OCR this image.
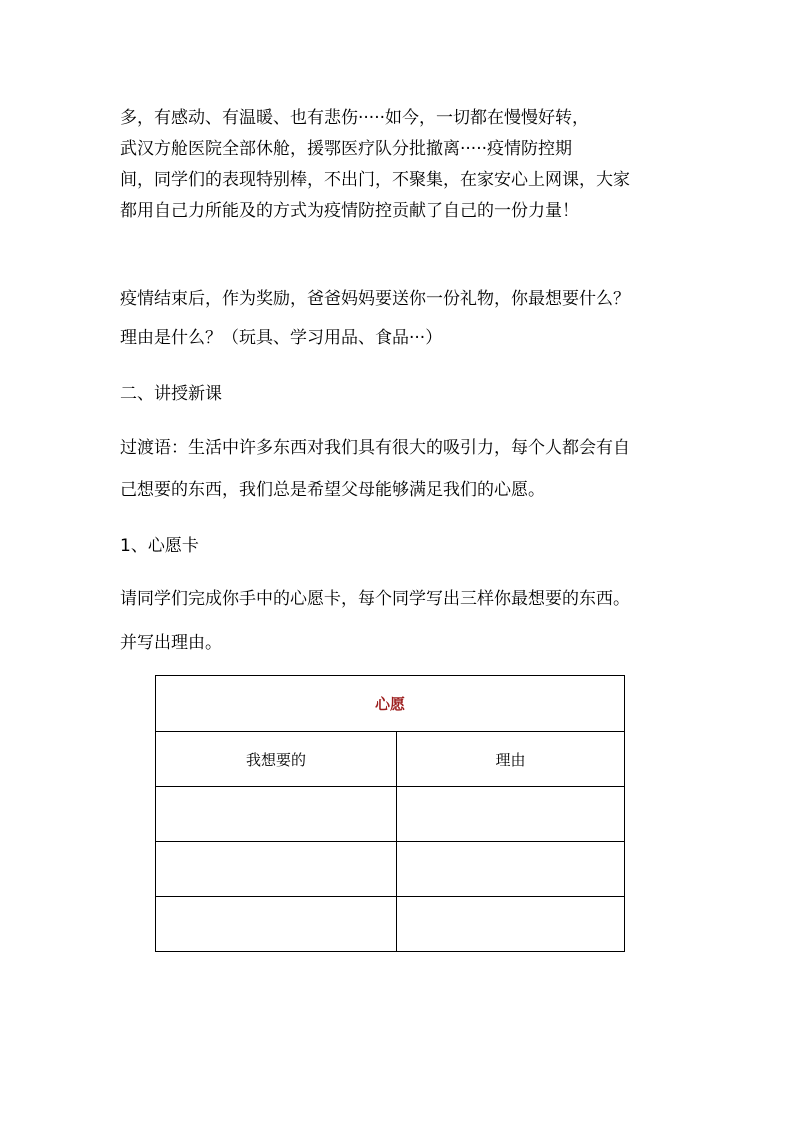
多，有感动、有温暖、也有悲伤·····如今，一切都在慢慢好转，
武汉方舱医院全部休舱，援鄂医疗队分批撤离·····疫情防控期
间，同学们的表现特别棒，不出门，不聚集，在家安心上网课，大家
都用自己力所能及的方式为疫情防控贡献了自己的一份力量！
疫情结束后，作为奖励，爸爸妈妈要送你一份礼物，你最想要什么？
理由是什么？（玩具、学习用品、食品···）
二、讲授新课
过渡语：生活中许多东西对我们具有很大的吸引力，每个人都会有自
己想要的东西，我们总是希望父母能够满足我们的心愿。
1、心愿卡
请同学们完成你手中的心愿卡，每个同学写出三样你最想要的东西。
并写出理由。
心愿	
我想要的	理由
